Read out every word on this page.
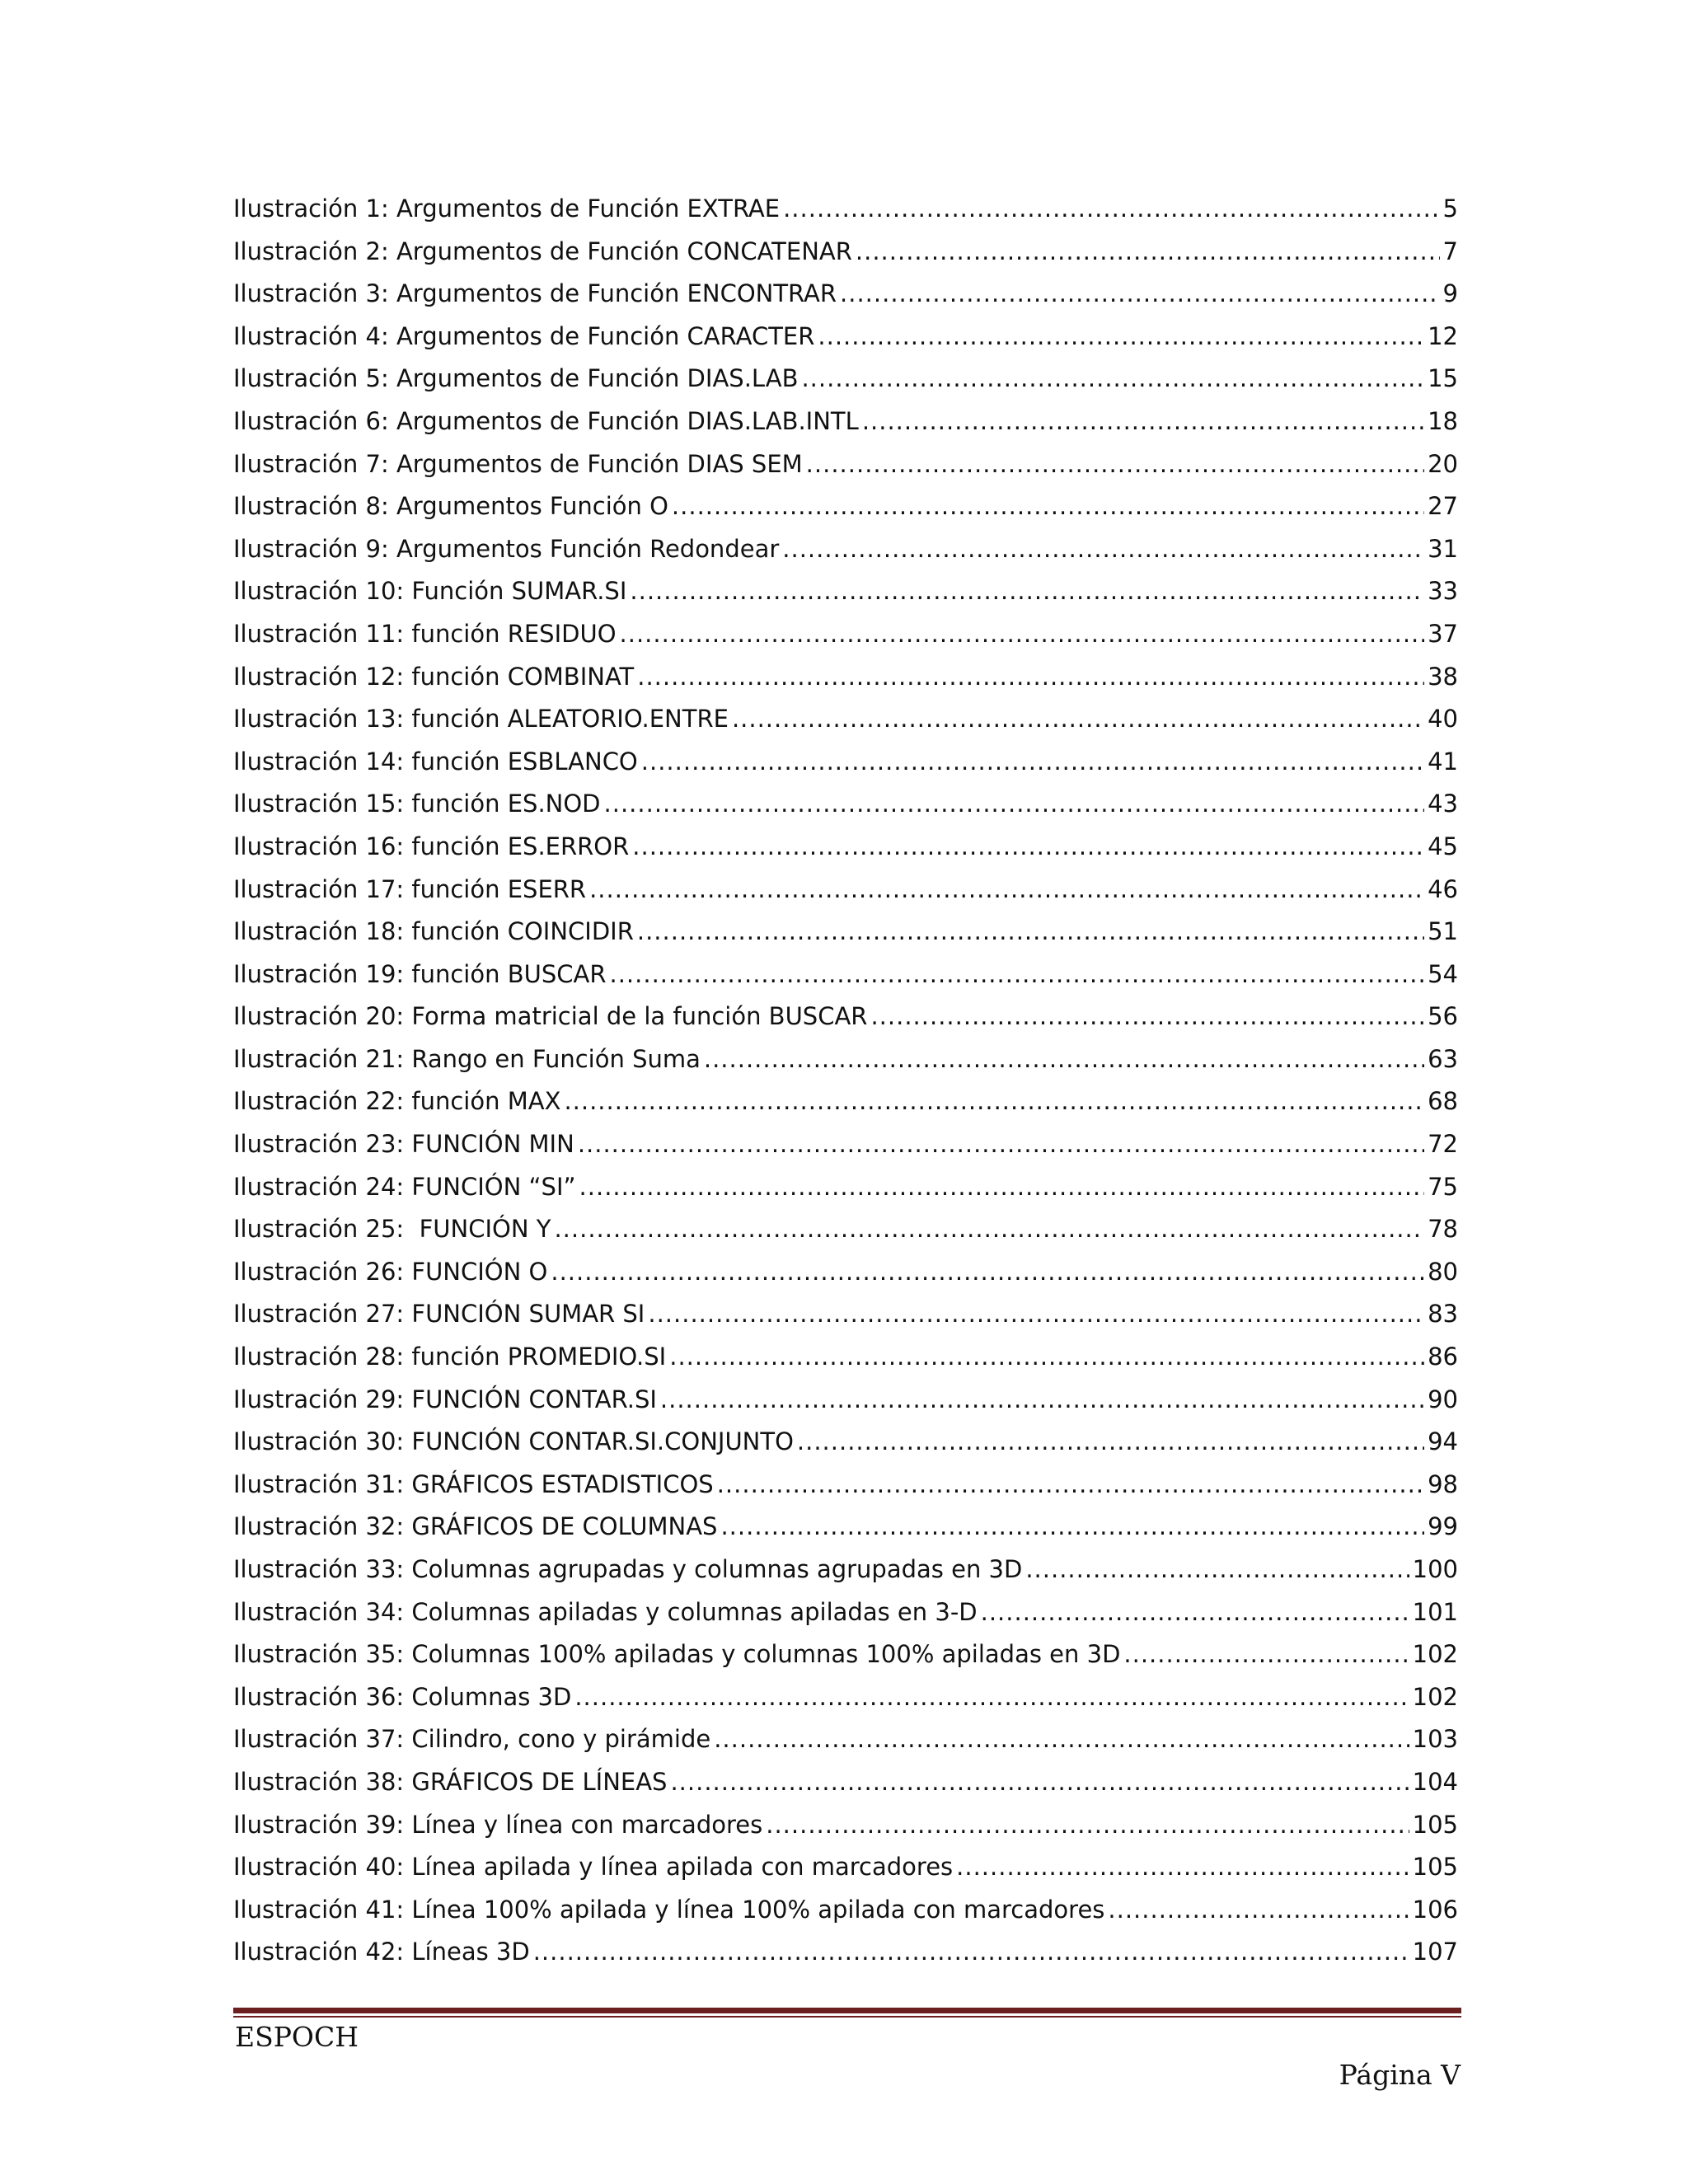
Ilustración 1: Argumentos de Función EXTRAE .....	5
Ilustración 2: Argumentos de Función CONCATENAR .....	7
Ilustración 3: Argumentos de Función ENCONTRAR .....	9
Ilustración 4: Argumentos de Función CARACTER .....	12
Ilustración 5: Argumentos de Función DIAS.LAB .....	15
Ilustración 6: Argumentos de Función DIAS.LAB.INTL .....	18
Ilustración 7: Argumentos de Función DIAS SEM .....	20
Ilustración 8: Argumentos Función O .....	27
Ilustración 9: Argumentos Función Redondear .....	31
Ilustración 10: Función SUMAR.SI .....	33
Ilustración 11: función RESIDUO .....	37
Ilustración 12: función COMBINAT .....	38
Ilustración 13: función ALEATORIO.ENTRE .....	40
Ilustración 14: función ESBLANCO .....	41
Ilustración 15: función ES.NOD .....	43
Ilustración 16: función ES.ERROR .....	45
Ilustración 17: función ESERR .....	46
Ilustración 18: función COINCIDIR .....	51
Ilustración 19: función BUSCAR .....	54
Ilustración 20: Forma matricial de la función BUSCAR .....	56
Ilustración 21: Rango en Función Suma .....	63
Ilustración 22: función MAX .....	68
Ilustración 23: FUNCIÓN MIN .....	72
Ilustración 24: FUNCIÓN “SI” .....	75
Ilustración 25:  FUNCIÓN Y .....	78
Ilustración 26: FUNCIÓN O .....	80
Ilustración 27: FUNCIÓN SUMAR SI .....	83
Ilustración 28: función PROMEDIO.SI .....	86
Ilustración 29: FUNCIÓN CONTAR.SI .....	90
Ilustración 30: FUNCIÓN CONTAR.SI.CONJUNTO .....	94
Ilustración 31: GRÁFICOS ESTADISTICOS .....	98
Ilustración 32: GRÁFICOS DE COLUMNAS .....	99
Ilustración 33: Columnas agrupadas y columnas agrupadas en 3D .....	100
Ilustración 34: Columnas apiladas y columnas apiladas en 3-D .....	101
Ilustración 35: Columnas 100% apiladas y columnas 100% apiladas en 3D .....	102
Ilustración 36: Columnas 3D .....	102
Ilustración 37: Cilindro, cono y pirámide .....	103
Ilustración 38: GRÁFICOS DE LÍNEAS .....	104
Ilustración 39: Línea y línea con marcadores .....	105
Ilustración 40: Línea apilada y línea apilada con marcadores .....	105
Ilustración 41: Línea 100% apilada y línea 100% apilada con marcadores .....	106
Ilustración 42: Líneas 3D .....	107
ESPOCH
Página V
